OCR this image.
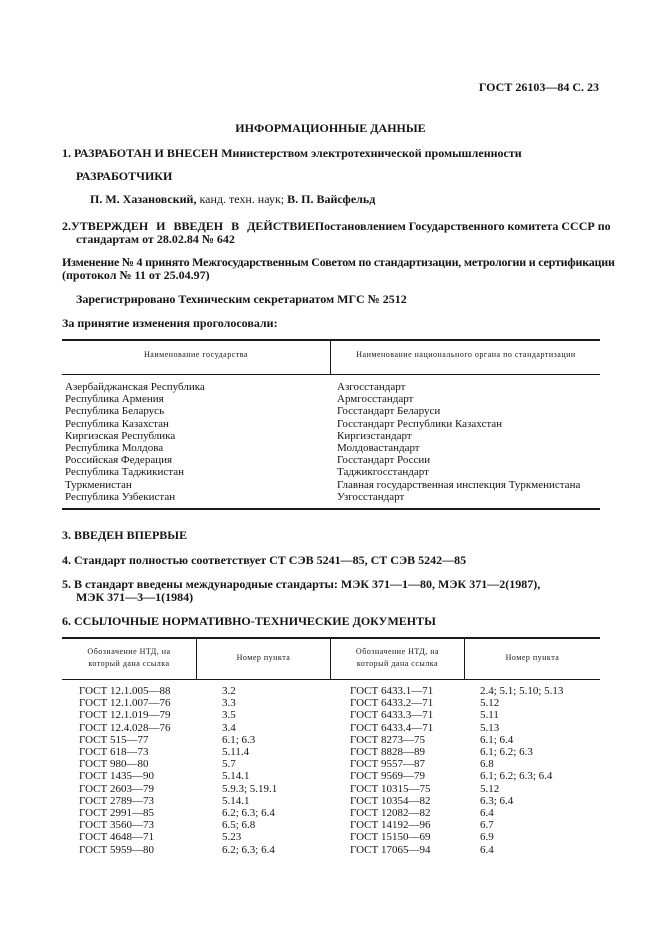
ГОСТ 26103—84 С. 23
ИНФОРМАЦИОННЫЕ ДАННЫЕ
1. РАЗРАБОТАН И ВНЕСЕН Министерством электротехнической промышленности
РАЗРАБОТЧИКИ
П. М. Хазановский, канд. техн. наук; В. П. Вайсфельд
2. УТВЕРЖДЕН И ВВЕДЕН В ДЕЙСТВИЕ Постановлением Государственного комитета СССР по
стандартам от 28.02.84 № 642
Изменение № 4 принято Межгосударственным Советом по стандартизации, метрологии и сертификации
(протокол № 11 от 25.04.97)
Зарегистрировано Техническим секретариатом МГС № 2512
За принятие изменения проголосовали:
Наименование государства	Наименование национального органа по стандартизации
Азербайджанская Республика
Республика Армения
Республика Беларусь
Республика Казахстан
Киргизская Республика
Республика Молдова
Российская Федерация
Республика Таджикистан
Туркменистан
Республика Узбекистан
Азгосстандарт
Армгосстандарт
Госстандарт Беларуси
Госстандарт Республики Казахстан
Киргизстандарт
Молдовастандарт
Госстандарт России
Таджикгосстандарт
Главная государственная инспекция Туркменистана
Узгосстандарт
3. ВВЕДЕН ВПЕРВЫЕ
4. Стандарт полностью соответствует СТ СЭВ 5241—85, СТ СЭВ 5242—85
5. В стандарт введены международные стандарты: МЭК 371—1—80, МЭК 371—2(1987),
МЭК 371—3—1(1984)
6. ССЫЛОЧНЫЕ НОРМАТИВНО-ТЕХНИЧЕСКИЕ ДОКУМЕНТЫ
Обозначение НТД, на
который дана ссылка
Номер пункта
Обозначение НТД, на
который дана ссылка
Номер пункта
ГОСТ 12.1.005—88
ГОСТ 12.1.007—76
ГОСТ 12.1.019—79
ГОСТ 12.4.028—76
ГОСТ 515—77
ГОСТ 618—73
ГОСТ 980—80
ГОСТ 1435—90
ГОСТ 2603—79
ГОСТ 2789—73
ГОСТ 2991—85
ГОСТ 3560—73
ГОСТ 4648—71
ГОСТ 5959—80
3.2
3.3
3.5
3.4
6.1; 6.3
5.11.4
5.7
5.14.1
5.9.3; 5.19.1
5.14.1
6.2; 6.3; 6.4
6.5; 6.8
5.23
6.2; 6.3; 6.4
ГОСТ 6433.1—71
ГОСТ 6433.2—71
ГОСТ 6433.3—71
ГОСТ 6433.4—71
ГОСТ 8273—75
ГОСТ 8828—89
ГОСТ 9557—87
ГОСТ 9569—79
ГОСТ 10315—75
ГОСТ 10354—82
ГОСТ 12082—82
ГОСТ 14192—96
ГОСТ 15150—69
ГОСТ 17065—94
2.4; 5.1; 5.10; 5.13
5.12
5.11
5.13
6.1; 6.4
6.1; 6.2; 6.3
6.8
6.1; 6.2; 6.3; 6.4
5.12
6.3; 6.4
6.4
6.7
6.9
6.4
